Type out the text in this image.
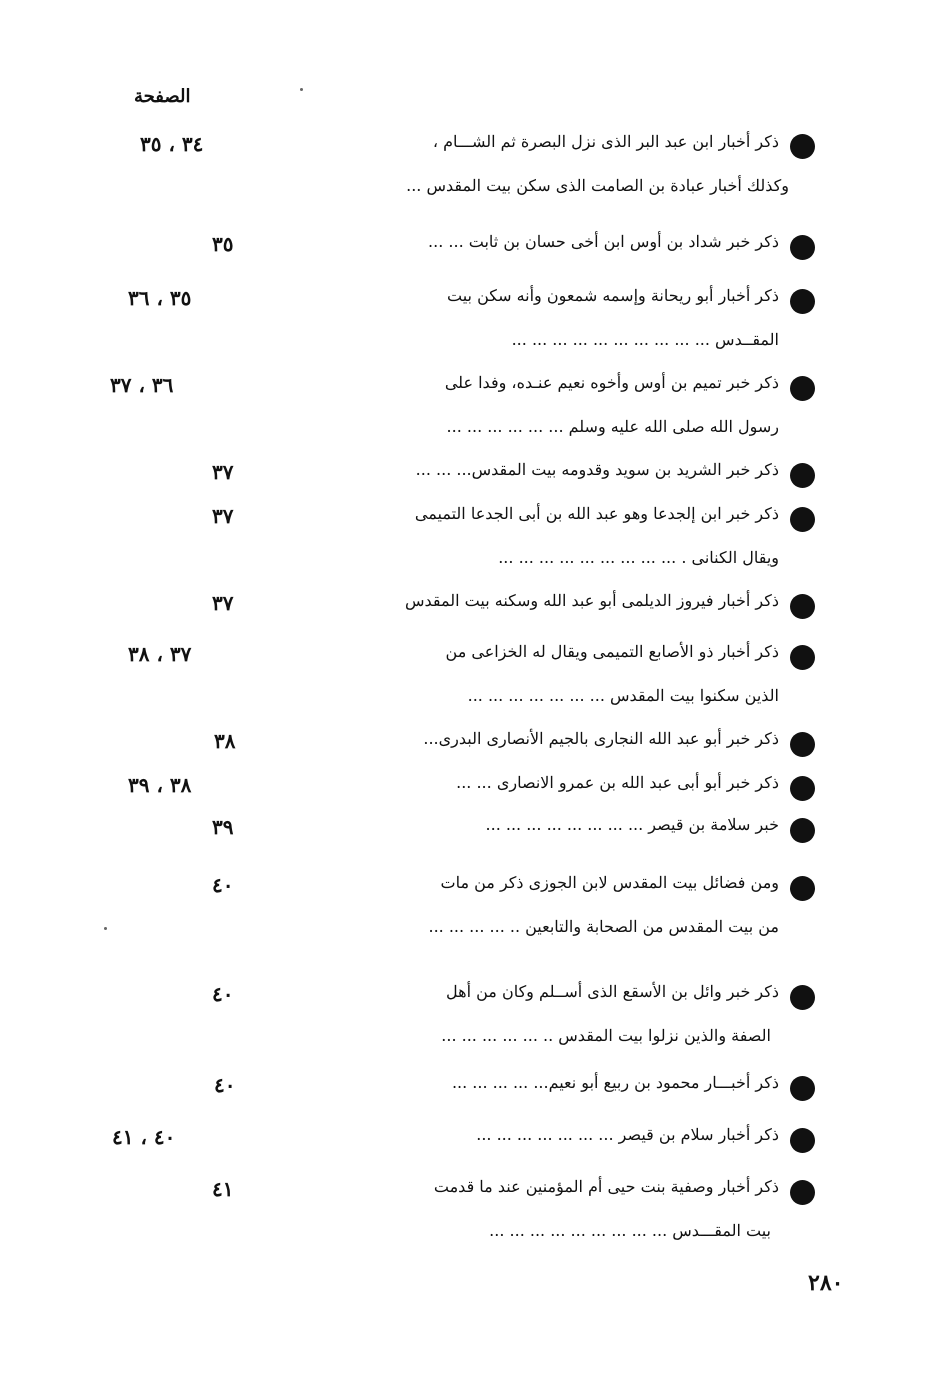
الصفحة
ذكر أخبار ابن عبد البر الذى نزل البصرة ثم الشـــام ،
وكذلك أخبار عبادة بن الصامت الذى سكن بيت المقدس ...
٣٤ ، ٣٥
ذكر خبر شداد بن أوس ابن أخى حسان بن ثابت ... ...
٣٥
ذكر أخبار أبو ريحانة وإسمه شمعون وأنه سكن بيت
المقــدس ... ... ... ... ... ... ... ... ... ...
٣٥ ، ٣٦
ذكر خبر تميم بن أوس وأخوه نعيم عنـده، وفدا على
رسول الله صلى الله عليه وسلم ... ... ... ... ... ...
٣٦ ، ٣٧
ذكر خبر الشريد بن سويد وقدومه بيت المقدس... ... ...
٣٧
ذكر خبر ابن إلجدعا وهو عبد الله بن أبى الجدعا التميمى
ويقال الكنانى . ... ... ... ... ... ... ... ... ...
٣٧
ذكر أخبار فيروز الديلمى أبو عبد الله وسكنه بيت المقدس
٣٧
ذكر أخبار ذو الأصابع التميمى ويقال له الخزاعى من
الذين سكنوا بيت المقدس ... ... ... ... ... ... ...
٣٧ ، ٣٨
ذكر خبر أبو عبد الله النجارى بالجيم الأنصارى البدرى...
٣٨
ذكر خبر أبو أبى عبد الله بن عمرو الانصارى ... ...
٣٨ ، ٣٩
خبر سلامة بن قيصر ... ... ... ... ... ... ... ...
٣٩
ومن فضائل بيت المقدس لابن الجوزى ذكر من مات
من بيت المقدس من الصحابة والتابعين .. ... ... ... ...
٤٠
ذكر خبر وائل بن الأسقع الذى أســلم وكان من أهل
الصفة والذين نزلوا بيت المقدس .. ... ... ... ... ...
٤٠
ذكر أخبـــار محمود بن ربيع أبو نعيم... ... ... ... ...
٤٠
ذكر أخبار سلام بن قيصر ... ... ... ... ... ... ...
٤٠ ، ٤١
ذكر أخبار وصفية بنت حيى أم المؤمنين عند ما قدمت
بيت المقـــدس ... ... ... ... ... ... ... ... ...
٤١
٢٨٠
